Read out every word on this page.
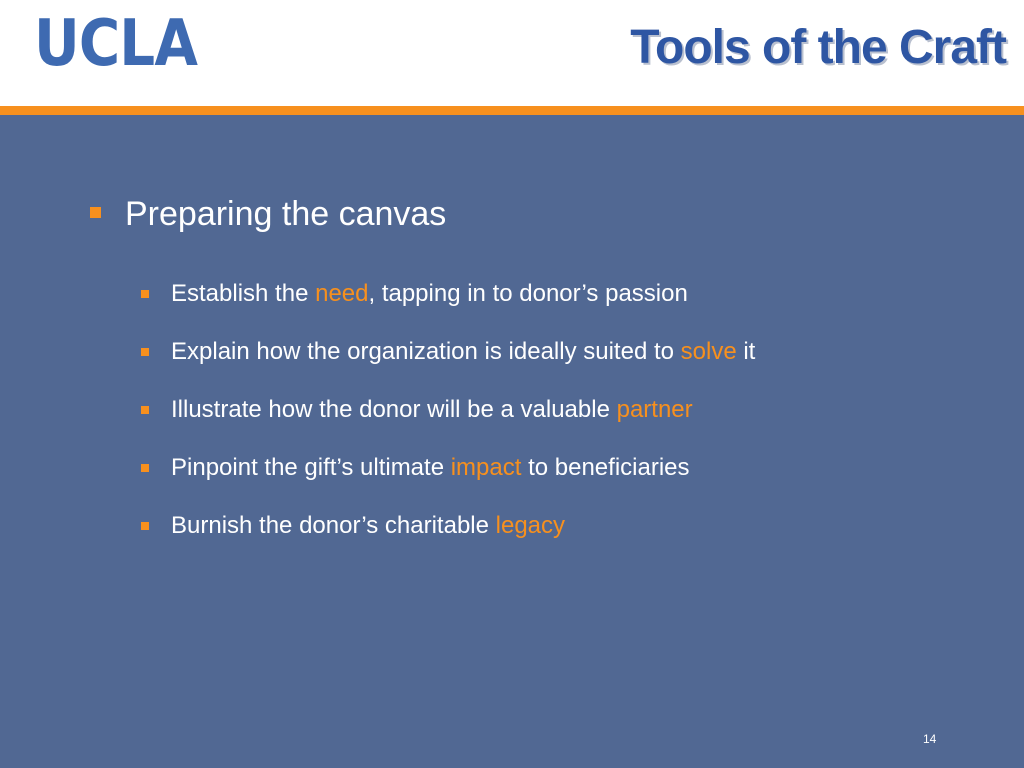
UCLA	Tools of the Craft
Preparing the canvas
Establish the need, tapping in to donor’s passion
Explain how the organization is ideally suited to solve it
Illustrate how the donor will be a valuable partner
Pinpoint the gift’s ultimate impact to beneficiaries
Burnish the donor’s charitable legacy
14
